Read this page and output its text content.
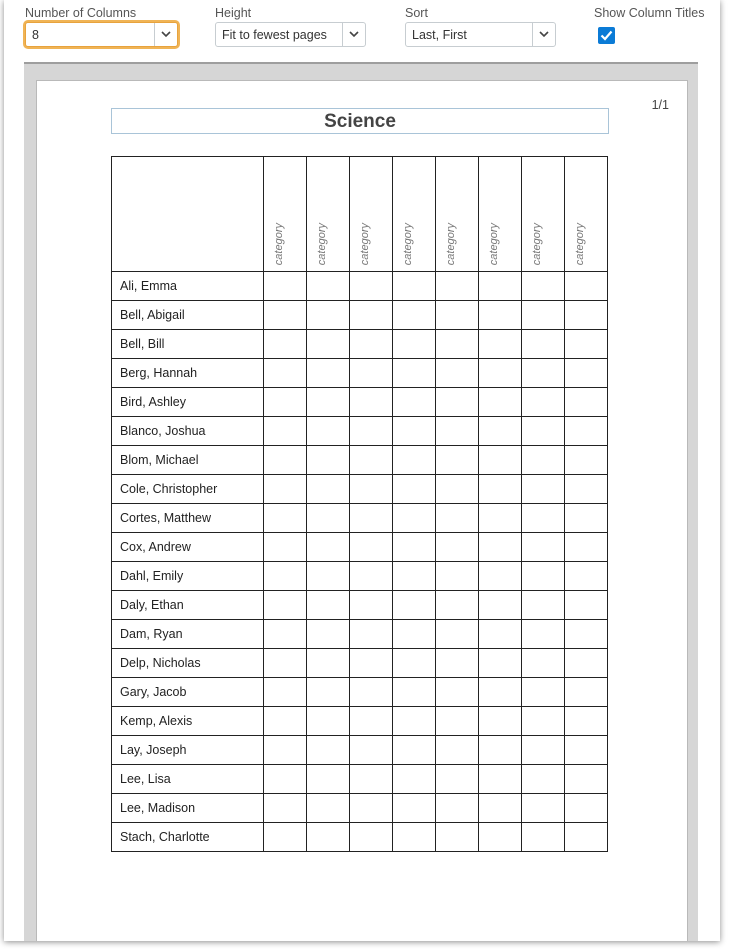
Number of Columns
8
Height
Fit to fewest pages
Sort
Last, First
Show Column Titles
1/1
Science

	category	category	category	category	category	category	category	category

Ali, Emma								
Bell, Abigail								
Bell, Bill								
Berg, Hannah								
Bird, Ashley								
Blanco, Joshua								
Blom, Michael								
Cole, Christopher								
Cortes, Matthew								
Cox, Andrew								
Dahl, Emily								
Daly, Ethan								
Dam, Ryan								
Delp, Nicholas								
Gary, Jacob								
Kemp, Alexis								
Lay, Joseph								
Lee, Lisa								
Lee, Madison								
Stach, Charlotte								
